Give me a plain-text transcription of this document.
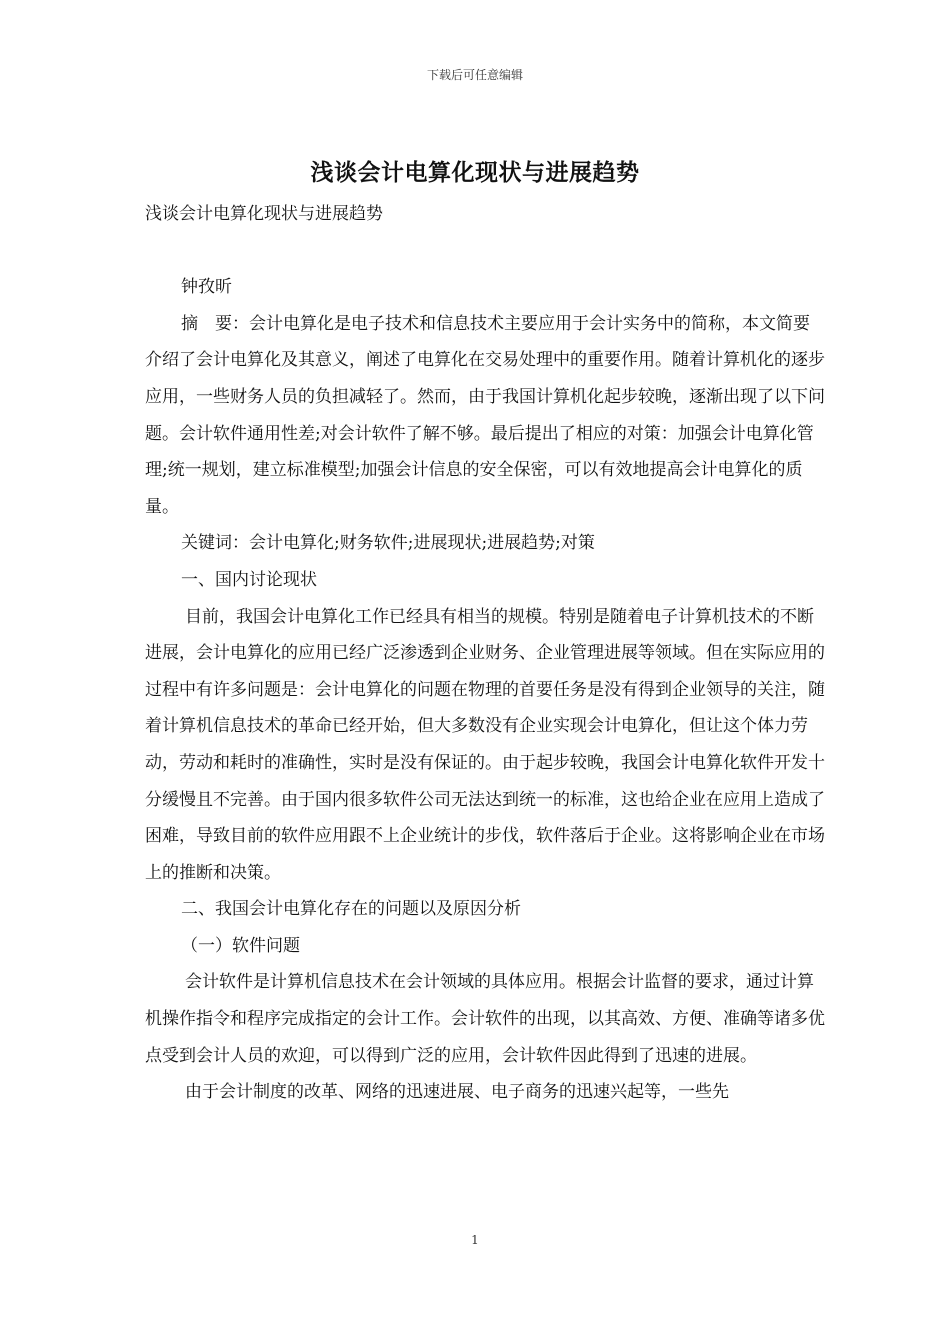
下载后可任意编辑
浅谈会计电算化现状与进展趋势

浅谈会计电算化现状与进展趋势

钟孜昕

摘　要：会计电算化是电子技术和信息技术主要应用于会计实务中的简称，本文简要介绍了会计电算化及其意义，阐述了电算化在交易处理中的重要作用。随着计算机化的逐步应用，一些财务人员的负担减轻了。然而，由于我国计算机化起步较晚，逐渐出现了以下问题。会计软件通用性差;对会计软件了解不够。最后提出了相应的对策：加强会计电算化管理;统一规划，建立标准模型;加强会计信息的安全保密，可以有效地提高会计电算化的质量。

关键词：会计电算化;财务软件;进展现状;进展趋势;对策

一、国内讨论现状

目前，我国会计电算化工作已经具有相当的规模。特别是随着电子计算机技术的不断进展，会计电算化的应用已经广泛渗透到企业财务、企业管理进展等领域。但在实际应用的过程中有许多问题是：会计电算化的问题在物理的首要任务是没有得到企业领导的关注，随着计算机信息技术的革命已经开始，但大多数没有企业实现会计电算化，但让这个体力劳动，劳动和耗时的准确性，实时是没有保证的。由于起步较晚，我国会计电算化软件开发十分缓慢且不完善。由于国内很多软件公司无法达到统一的标准，这也给企业在应用上造成了困难，导致目前的软件应用跟不上企业统计的步伐，软件落后于企业。这将影响企业在市场上的推断和决策。

二、我国会计电算化存在的问题以及原因分析

（一）软件问题

会计软件是计算机信息技术在会计领域的具体应用。根据会计监督的要求，通过计算机操作指令和程序完成指定的会计工作。会计软件的出现，以其高效、方便、准确等诸多优点受到会计人员的欢迎，可以得到广泛的应用，会计软件因此得到了迅速的进展。

由于会计制度的改革、网络的迅速进展、电子商务的迅速兴起等，一些先

1
